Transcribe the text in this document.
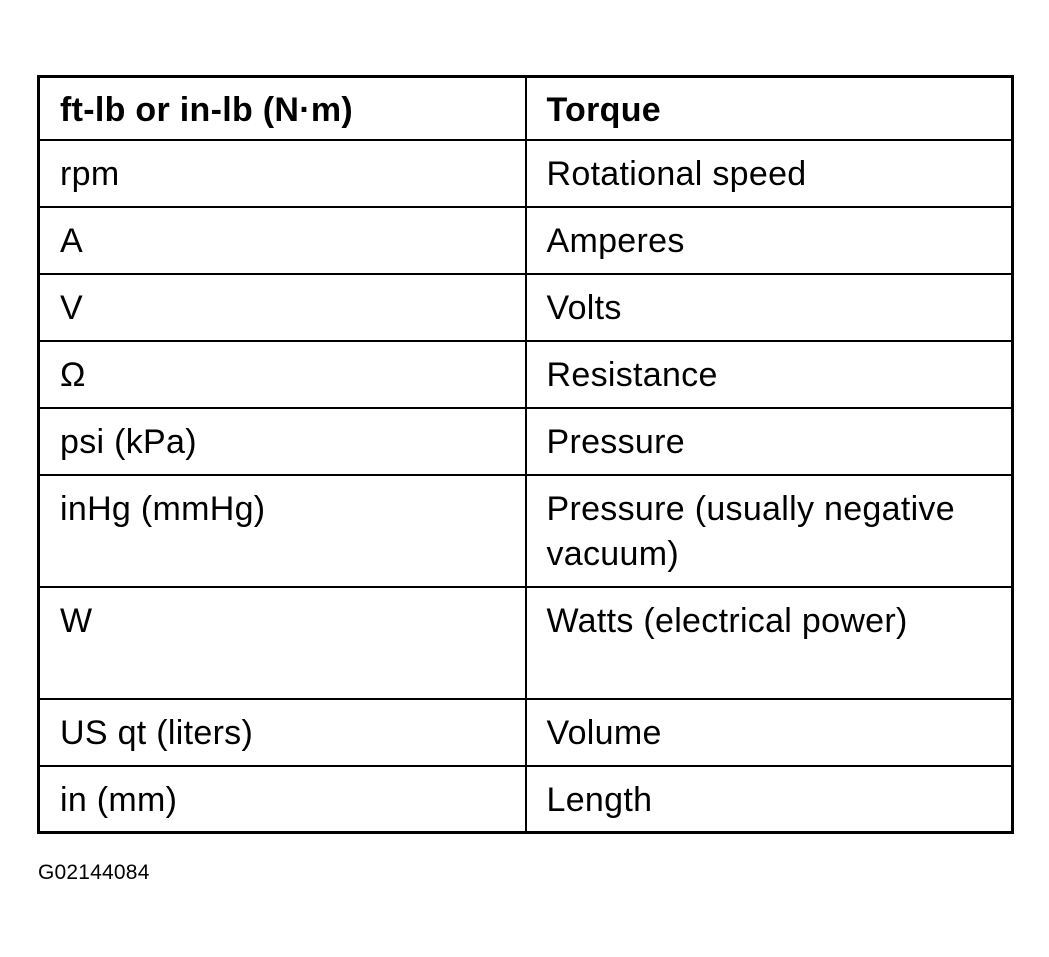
ft-lb or in-lb (N·m)	Torque
rpm	Rotational speed
A	Amperes
V	Volts
Ω	Resistance
psi (kPa)	Pressure
inHg (mmHg)	Pressure (usually negative vacuum)
W	Watts (electrical power)
US qt (liters)	Volume
in (mm)	Length
G02144084
